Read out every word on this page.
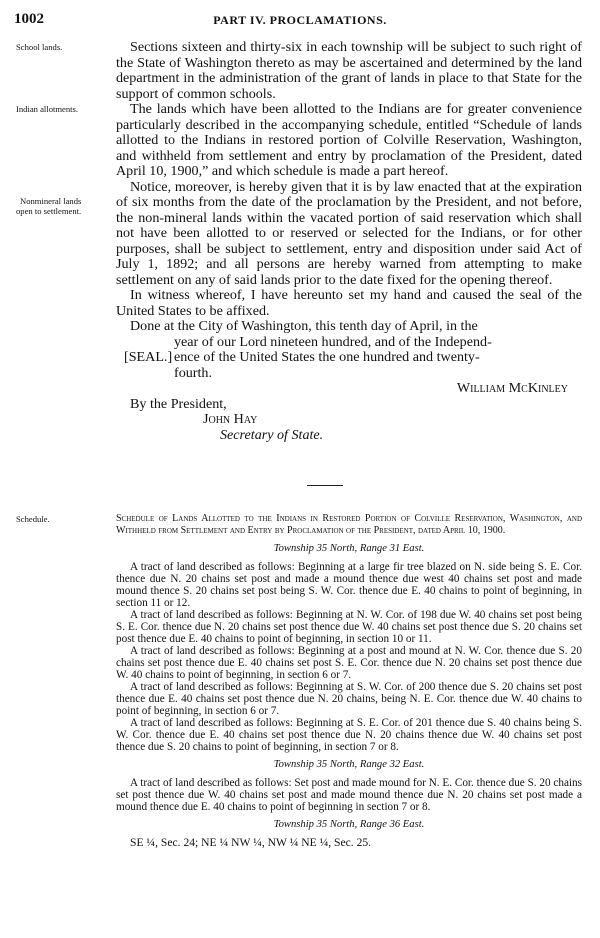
1002	PART IV. PROCLAMATIONS.
School lands.
Indian allotments.
Nonmineral lands
open to settlement.
Schedule.

Sections sixteen and thirty-six in each township will be subject to such right of the State of Washington thereto as may be ascertained and determined by the land department in the administration of the grant of lands in place to that State for the support of common schools.

The lands which have been allotted to the Indians are for greater convenience particularly described in the accompanying schedule, entitled “Schedule of lands allotted to the Indians in restored portion of Colville Reservation, Washington, and withheld from settlement and entry by proclamation of the President, dated April 10, 1900,” and which schedule is made a part hereof.

Notice, moreover, is hereby given that it is by law enacted that at the expiration of six months from the date of the proclamation by the President, and not before, the non-mineral lands within the vacated portion of said reservation which shall not have been allotted to or reserved or selected for the Indians, or for other purposes, shall be subject to settlement, entry and disposition under said Act of July 1, 1892; and all persons are hereby warned from attempting to make settlement on any of said lands prior to the date fixed for the opening thereof.

In witness whereof, I have hereunto set my hand and caused the seal of the United States to be affixed.

Done at the City of Washington, this tenth day of April, in the

[SEAL.]
year of our Lord nineteen hundred, and of the Independ-
ence of the United States the one hundred and twenty-
fourth.
William McKinley
By the President,
John Hay
Secretary of State.

Schedule of Lands Allotted to the Indians in Restored Portion of Colville Reservation, Washington, and Withheld from Settlement and Entry by Proclamation of the President, dated April 10, 1900.

Township 35 North, Range 31 East.

A tract of land described as follows: Beginning at a large fir tree blazed on N. side being S. E. Cor. thence due N. 20 chains set post and made a mound thence due west 40 chains set post and made mound thence S. 20 chains set post being S. W. Cor. thence due E. 40 chains to point of beginning, in section 11 or 12.

A tract of land described as follows: Beginning at N. W. Cor. of 198 due W. 40 chains set post being S. E. Cor. thence due N. 20 chains set post thence due W. 40 chains set post thence due S. 20 chains set post thence due E. 40 chains to point of beginning, in section 10 or 11.

A tract of land described as follows: Beginning at a post and mound at N. W. Cor. thence due S. 20 chains set post thence due E. 40 chains set post S. E. Cor. thence due N. 20 chains set post thence due W. 40 chains to point of beginning, in section 6 or 7.

A tract of land described as follows: Beginning at S. W. Cor. of 200 thence due S. 20 chains set post thence due E. 40 chains set post thence due N. 20 chains, being N. E. Cor. thence due W. 40 chains to point of beginning, in section 6 or 7.

A tract of land described as follows: Beginning at S. E. Cor. of 201 thence due S. 40 chains being S. W. Cor. thence due E. 40 chains set post thence due N. 20 chains thence due W. 40 chains set post thence due S. 20 chains to point of beginning, in section 7 or 8.

Township 35 North, Range 32 East.

A tract of land described as follows: Set post and made mound for N. E. Cor. thence due S. 20 chains set post thence due W. 40 chains set post and made mound thence due N. 20 chains set post made a mound thence due E. 40 chains to point of beginning in section 7 or 8.

Township 35 North, Range 36 East.

SE ¼, Sec. 24; NE ¼ NW ¼, NW ¼ NE ¼, Sec. 25.
